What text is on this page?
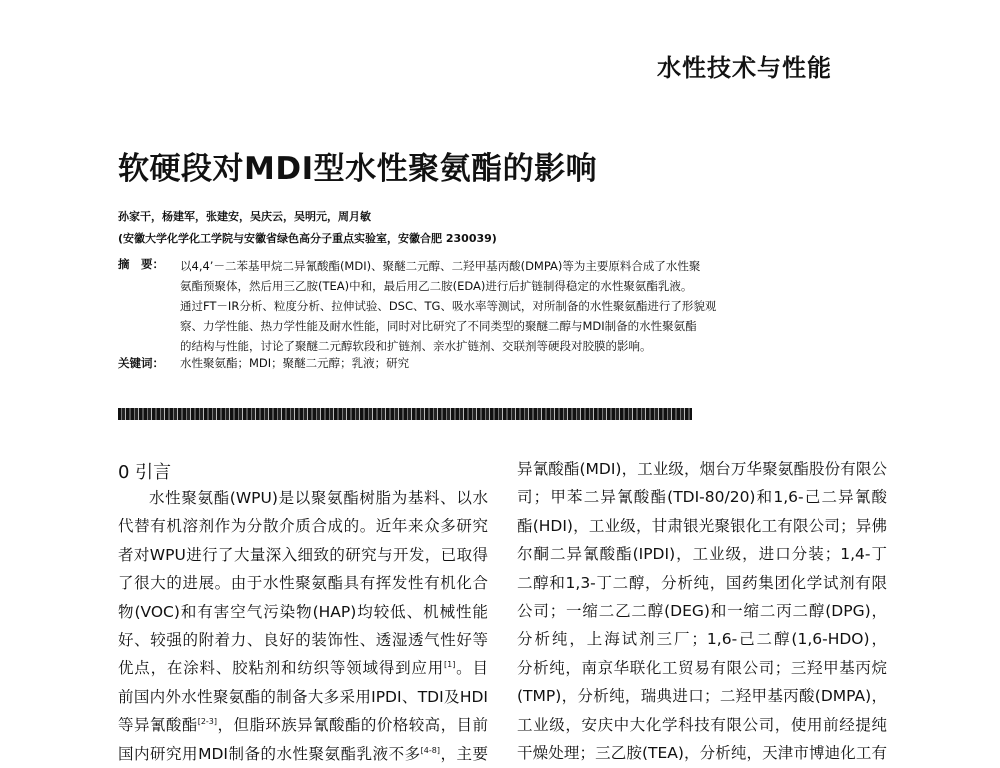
水性技术与性能
软硬段对MDI型水性聚氨酯的影响
孙家干，杨建军，张建安，吴庆云，吴明元，周月敏
(安徽大学化学化工学院与安徽省绿色高分子重点实验室，安徽合肥 230039)
摘　要： 以4,4’－二苯基甲烷二异氰酸酯(MDI)、聚醚二元醇、二羟甲基丙酸(DMPA)等为主要原料合成了水性聚
氨酯预聚体，然后用三乙胺(TEA)中和，最后用乙二胺(EDA)进行后扩链制得稳定的水性聚氨酯乳液。
通过FT－IR分析、粒度分析、拉伸试验、DSC、TG、吸水率等测试，对所制备的水性聚氨酯进行了形貌观
察、力学性能、热力学性能及耐水性能，同时对比研究了不同类型的聚醚二醇与MDI制备的水性聚氨酯
的结构与性能，讨论了聚醚二元醇软段和扩链剂、亲水扩链剂、交联剂等硬段对胶膜的影响。
关键词： 水性聚氨酯；MDI；聚醚二元醇；乳液；研究
0 引言
水性聚氨酯(WPU)是以聚氨酯树脂为基料、以水
代替有机溶剂作为分散介质合成的。近年来众多研究
者对WPU进行了大量深入细致的研究与开发，已取得
了很大的进展。由于水性聚氨酯具有挥发性有机化合
物(VOC)和有害空气污染物(HAP)均较低、机械性能
好、较强的附着力、良好的装饰性、透湿透气性好等
优点，在涂料、胶粘剂和纺织等领域得到应用[1]。目
前国内外水性聚氨酯的制备大多采用IPDI、TDI及HDI
等异氰酸酯[2-3]，但脂环族异氰酸酯的价格较高，目前
国内研究用MDI制备的水性聚氨酯乳液不多[4-8]，主要
异氰酸酯(MDI)，工业级，烟台万华聚氨酯股份有限公
司；甲苯二异氰酸酯(TDI-80/20)和1,6-己二异氰酸
酯(HDI)，工业级，甘肃银光聚银化工有限公司；异佛
尔酮二异氰酸酯(IPDI)，工业级，进口分装；1,4-丁
二醇和1,3-丁二醇，分析纯，国药集团化学试剂有限
公司；一缩二乙二醇(DEG)和一缩二丙二醇(DPG)，
分析纯，上海试剂三厂；1,6-己二醇(1,6-HDO)，
分析纯，南京华联化工贸易有限公司；三羟甲基丙烷
(TMP)，分析纯，瑞典进口；二羟甲基丙酸(DMPA)，
工业级，安庆中大化学科技有限公司，使用前经提纯
干燥处理；三乙胺(TEA)，分析纯，天津市博迪化工有
